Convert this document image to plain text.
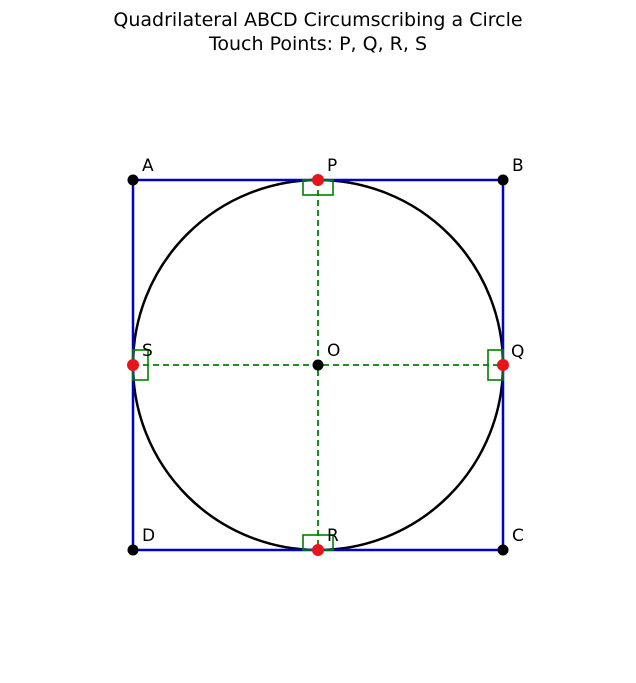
Quadrilateral ABCD Circumscribing a Circle
Touch Points: P, Q, R, S
A	B
C
D
P
Q
R
S	O
